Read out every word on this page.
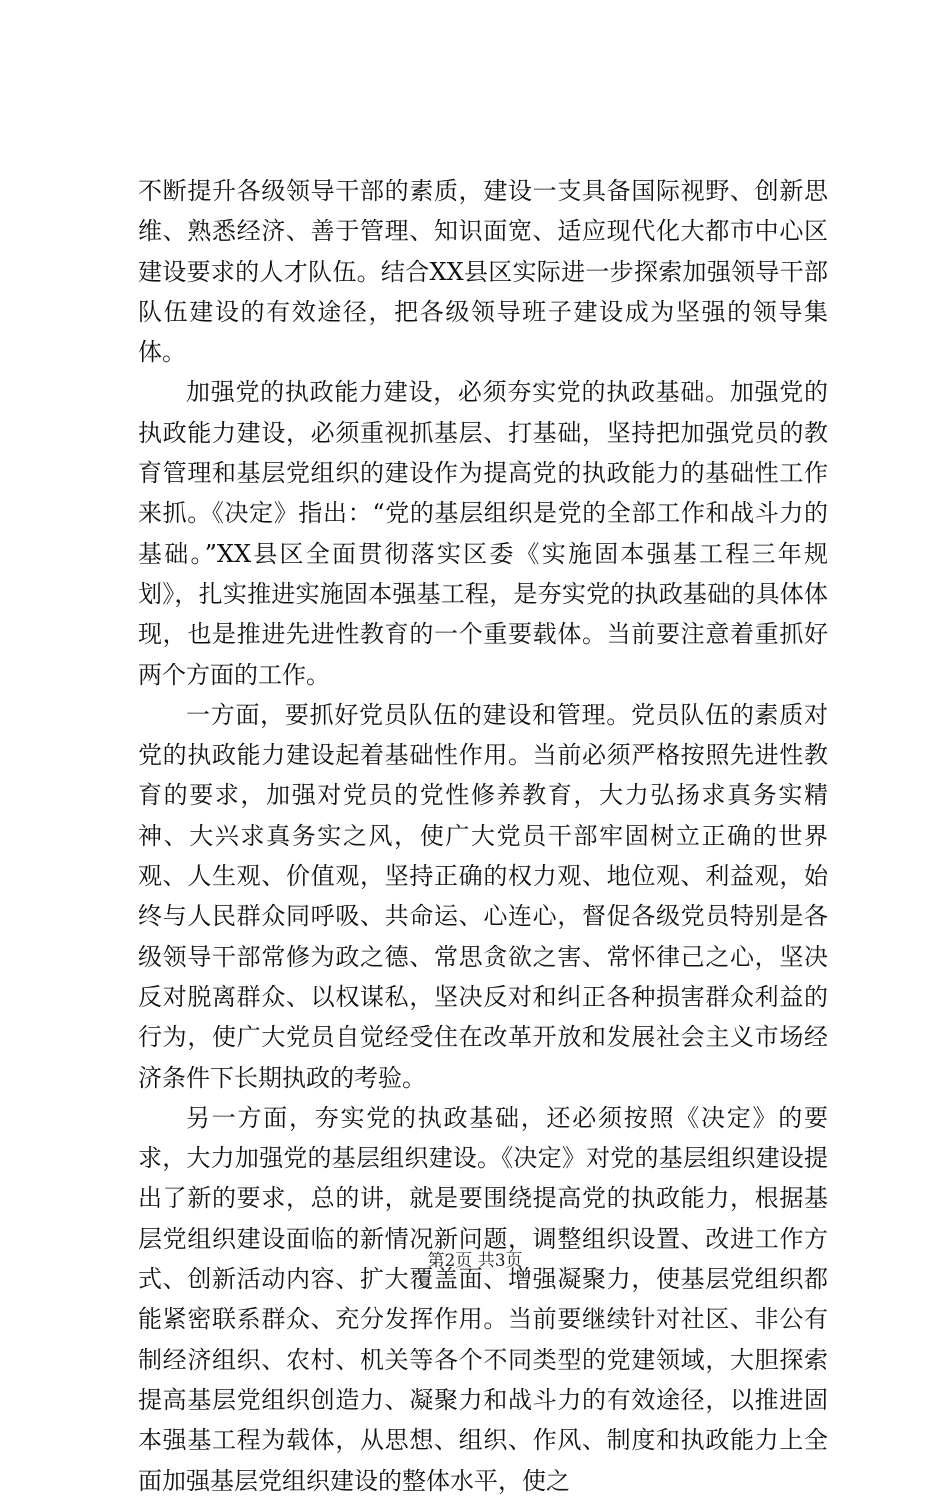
不断提升各级领导干部的素质，建设一支具备国际视野、创新思维、熟悉经济、善于管理、知识面宽、适应现代化大都市中心区建设要求的人才队伍。结合XX县区实际进一步探索加强领导干部队伍建设的有效途径，把各级领导班子建设成为坚强的领导集体。

加强党的执政能力建设，必须夯实党的执政基础。加强党的执政能力建设，必须重视抓基层、打基础，坚持把加强党员的教育管理和基层党组织的建设作为提高党的执政能力的基础性工作来抓。《决定》指出：“党的基层组织是党的全部工作和战斗力的基础。”XX县区全面贯彻落实区委《实施固本强基工程三年规划》，扎实推进实施固本强基工程，是夯实党的执政基础的具体体现，也是推进先进性教育的一个重要载体。当前要注意着重抓好两个方面的工作。

一方面，要抓好党员队伍的建设和管理。党员队伍的素质对党的执政能力建设起着基础性作用。当前必须严格按照先进性教育的要求，加强对党员的党性修养教育，大力弘扬求真务实精神、大兴求真务实之风，使广大党员干部牢固树立正确的世界观、人生观、价值观，坚持正确的权力观、地位观、利益观，始终与人民群众同呼吸、共命运、心连心，督促各级党员特别是各级领导干部常修为政之德、常思贪欲之害、常怀律己之心，坚决反对脱离群众、以权谋私，坚决反对和纠正各种损害群众利益的行为，使广大党员自觉经受住在改革开放和发展社会主义市场经济条件下长期执政的考验。

另一方面，夯实党的执政基础，还必须按照《决定》的要求，大力加强党的基层组织建设。《决定》对党的基层组织建设提出了新的要求，总的讲，就是要围绕提高党的执政能力，根据基层党组织建设面临的新情况新问题，调整组织设置、改进工作方式、创新活动内容、扩大覆盖面、增强凝聚力，使基层党组织都能紧密联系群众、充分发挥作用。当前要继续针对社区、非公有制经济组织、农村、机关等各个不同类型的党建领域，大胆探索提高基层党组织创造力、凝聚力和战斗力的有效途径，以推进固本强基工程为载体，从思想、组织、作风、制度和执政能力上全面加强基层党组织建设的整体水平，使之

第2页 共3页
